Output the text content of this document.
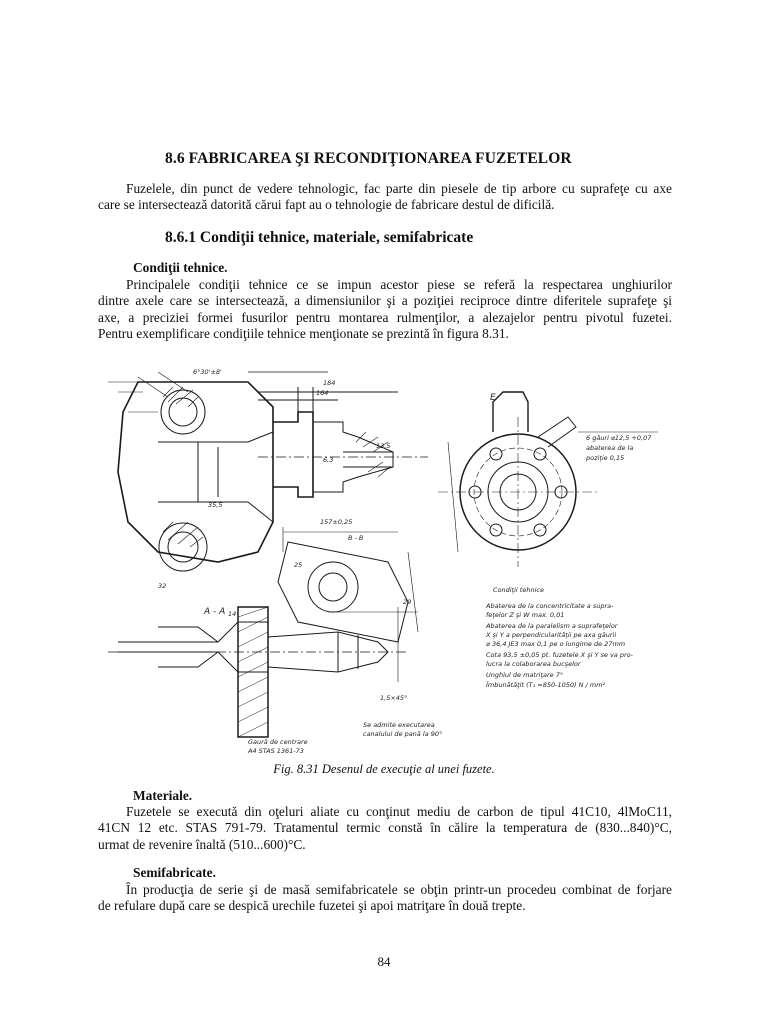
8.6 FABRICAREA ŞI RECONDIŢIONAREA FUZETELOR
Fuzelele, din punct de vedere tehnologic, fac parte din piesele de tip arbore cu suprafeţe cu axe
care se intersectează datorită cărui fapt au o tehnologie de fabricare destul de dificilă.
8.6.1 Condiţii tehnice, materiale, semifabricate
Condiţii tehnice.
Principalele condiţii tehnice ce se impun acestor piese se referă la respectarea unghiurilor
dintre axele care se intersectează, a dimensiunilor şi a poziţiei reciproce dintre diferitele suprafeţe şi
axe, a preciziei formei fusurilor pentru montarea rulmenţilor, a alezajelor pentru pivotul fuzetei.
Pentru exemplificare condiţiile tehnice menţionate se prezintă în figura 8.31.
E
A - A
B - B
164
184
35,5
6,3
13,5
157±0,25
32
14
25
29
1,5×45°
6°30'±8'
Gaură de centrare
A4 STAS 1361-73
Se admite executarea
canalului de pană la 90°
6 găuri ⌀12,5 +0,07
abaterea de la
poziţie 0,15
Condiţii tehnice
Abaterea de la concentricitate a supra-
feţelor Z şi W max. 0,01
Abaterea de la paralelism a suprafeţelor
X şi Y a perpendicularităţii pe axa găurii
⌀ 36,4 JE3 max 0,1 pe o lungime de 27mm
Cota 93,5 ±0,05 pt. fuzetele X şi Y se va pro-
lucra la colaborarea bucşelor
Unghiul de matriţare 7°
Îmbunătăţit (T₁ =850-1050) N / mm²
Fig. 8.31 Desenul de execuţie al unei fuzete.
Materiale.
Fuzetele se execută din oţeluri aliate cu conţinut mediu de carbon de tipul 41C10, 4lMoC11,
41CN 12 etc. STAS 791-79. Tratamentul termic constă în călire la temperatura de (830...840)°C,
urmat de revenire înaltă (510...600)°C.
Semifabricate.
În producţia de serie şi de masă semifabricatele se obţin printr-un procedeu combinat de forjare
de refulare după care se despică urechile fuzetei şi apoi matriţare în două trepte.
84
